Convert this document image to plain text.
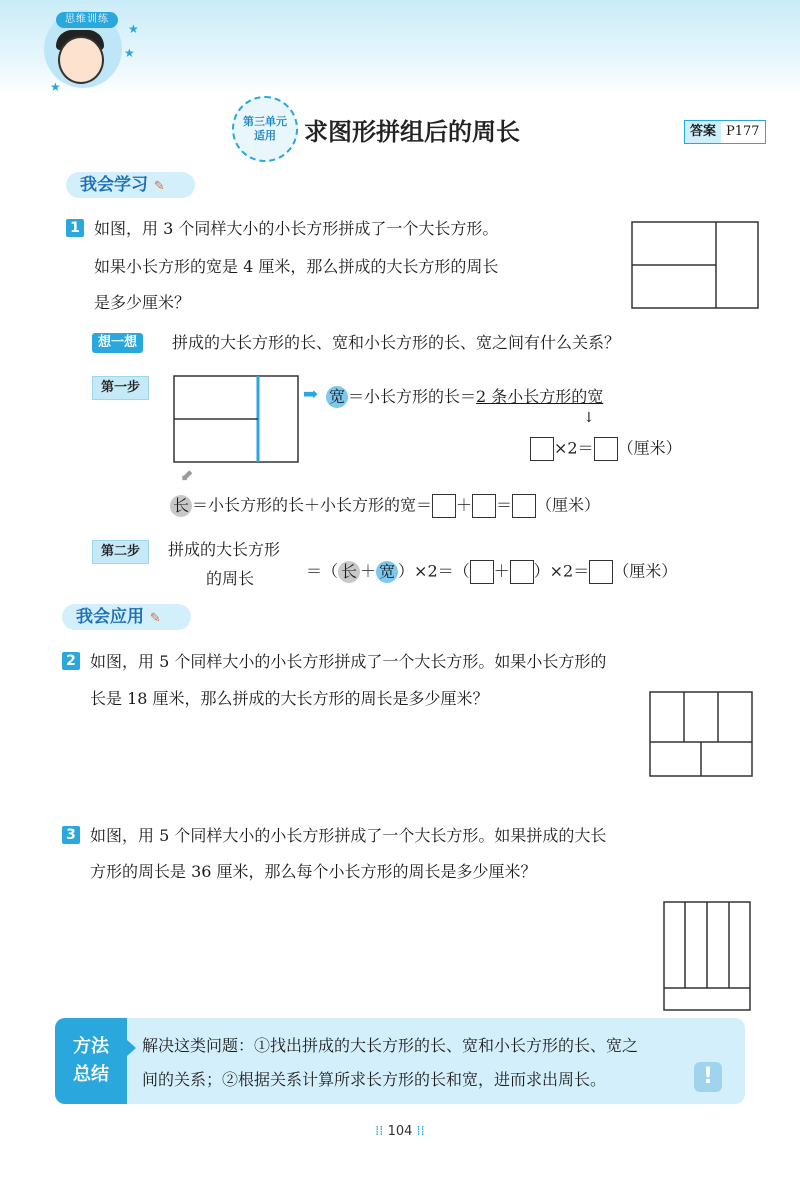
思维训练
★
★
★
第三单元
适用	求图形拼组后的周长	答案 P177
我会学习 ✎
1 如图，用 3 个同样大小的小长方形拼成了一个大长方形。
如果小长方形的宽是 4 厘米，那么拼成的大长方形的周长
是多少厘米？
想一想	拼成的大长方形的长、宽和小长方形的长、宽之间有什么关系？
第一步	➡ 宽 ＝小长方形的长＝2 条小长方形的宽
↓
×2＝ （厘米）
⬋
长 ＝小长方形的长＋小长方形的宽＝ ＋ ＝ （厘米）
第二步	拼成的大长方形
的周长	＝（ 长 ＋ 宽 ）×2＝（ ＋ ）×2＝ （厘米）
我会应用 ✎
2 如图，用 5 个同样大小的小长方形拼成了一个大长方形。如果小长方形的
长是 18 厘米，那么拼成的大长方形的周长是多少厘米？
3 如图，用 5 个同样大小的小长方形拼成了一个大长方形。如果拼成的大长
方形的周长是 36 厘米，那么每个小长方形的周长是多少厘米？
方法
总结
解决这类问题：①找出拼成的大长方形的长、宽和小长方形的长、宽之
间的关系；②根据关系计算所求长方形的长和宽，进而求出周长。	!
⁞⁞ 104 ⁞⁞
